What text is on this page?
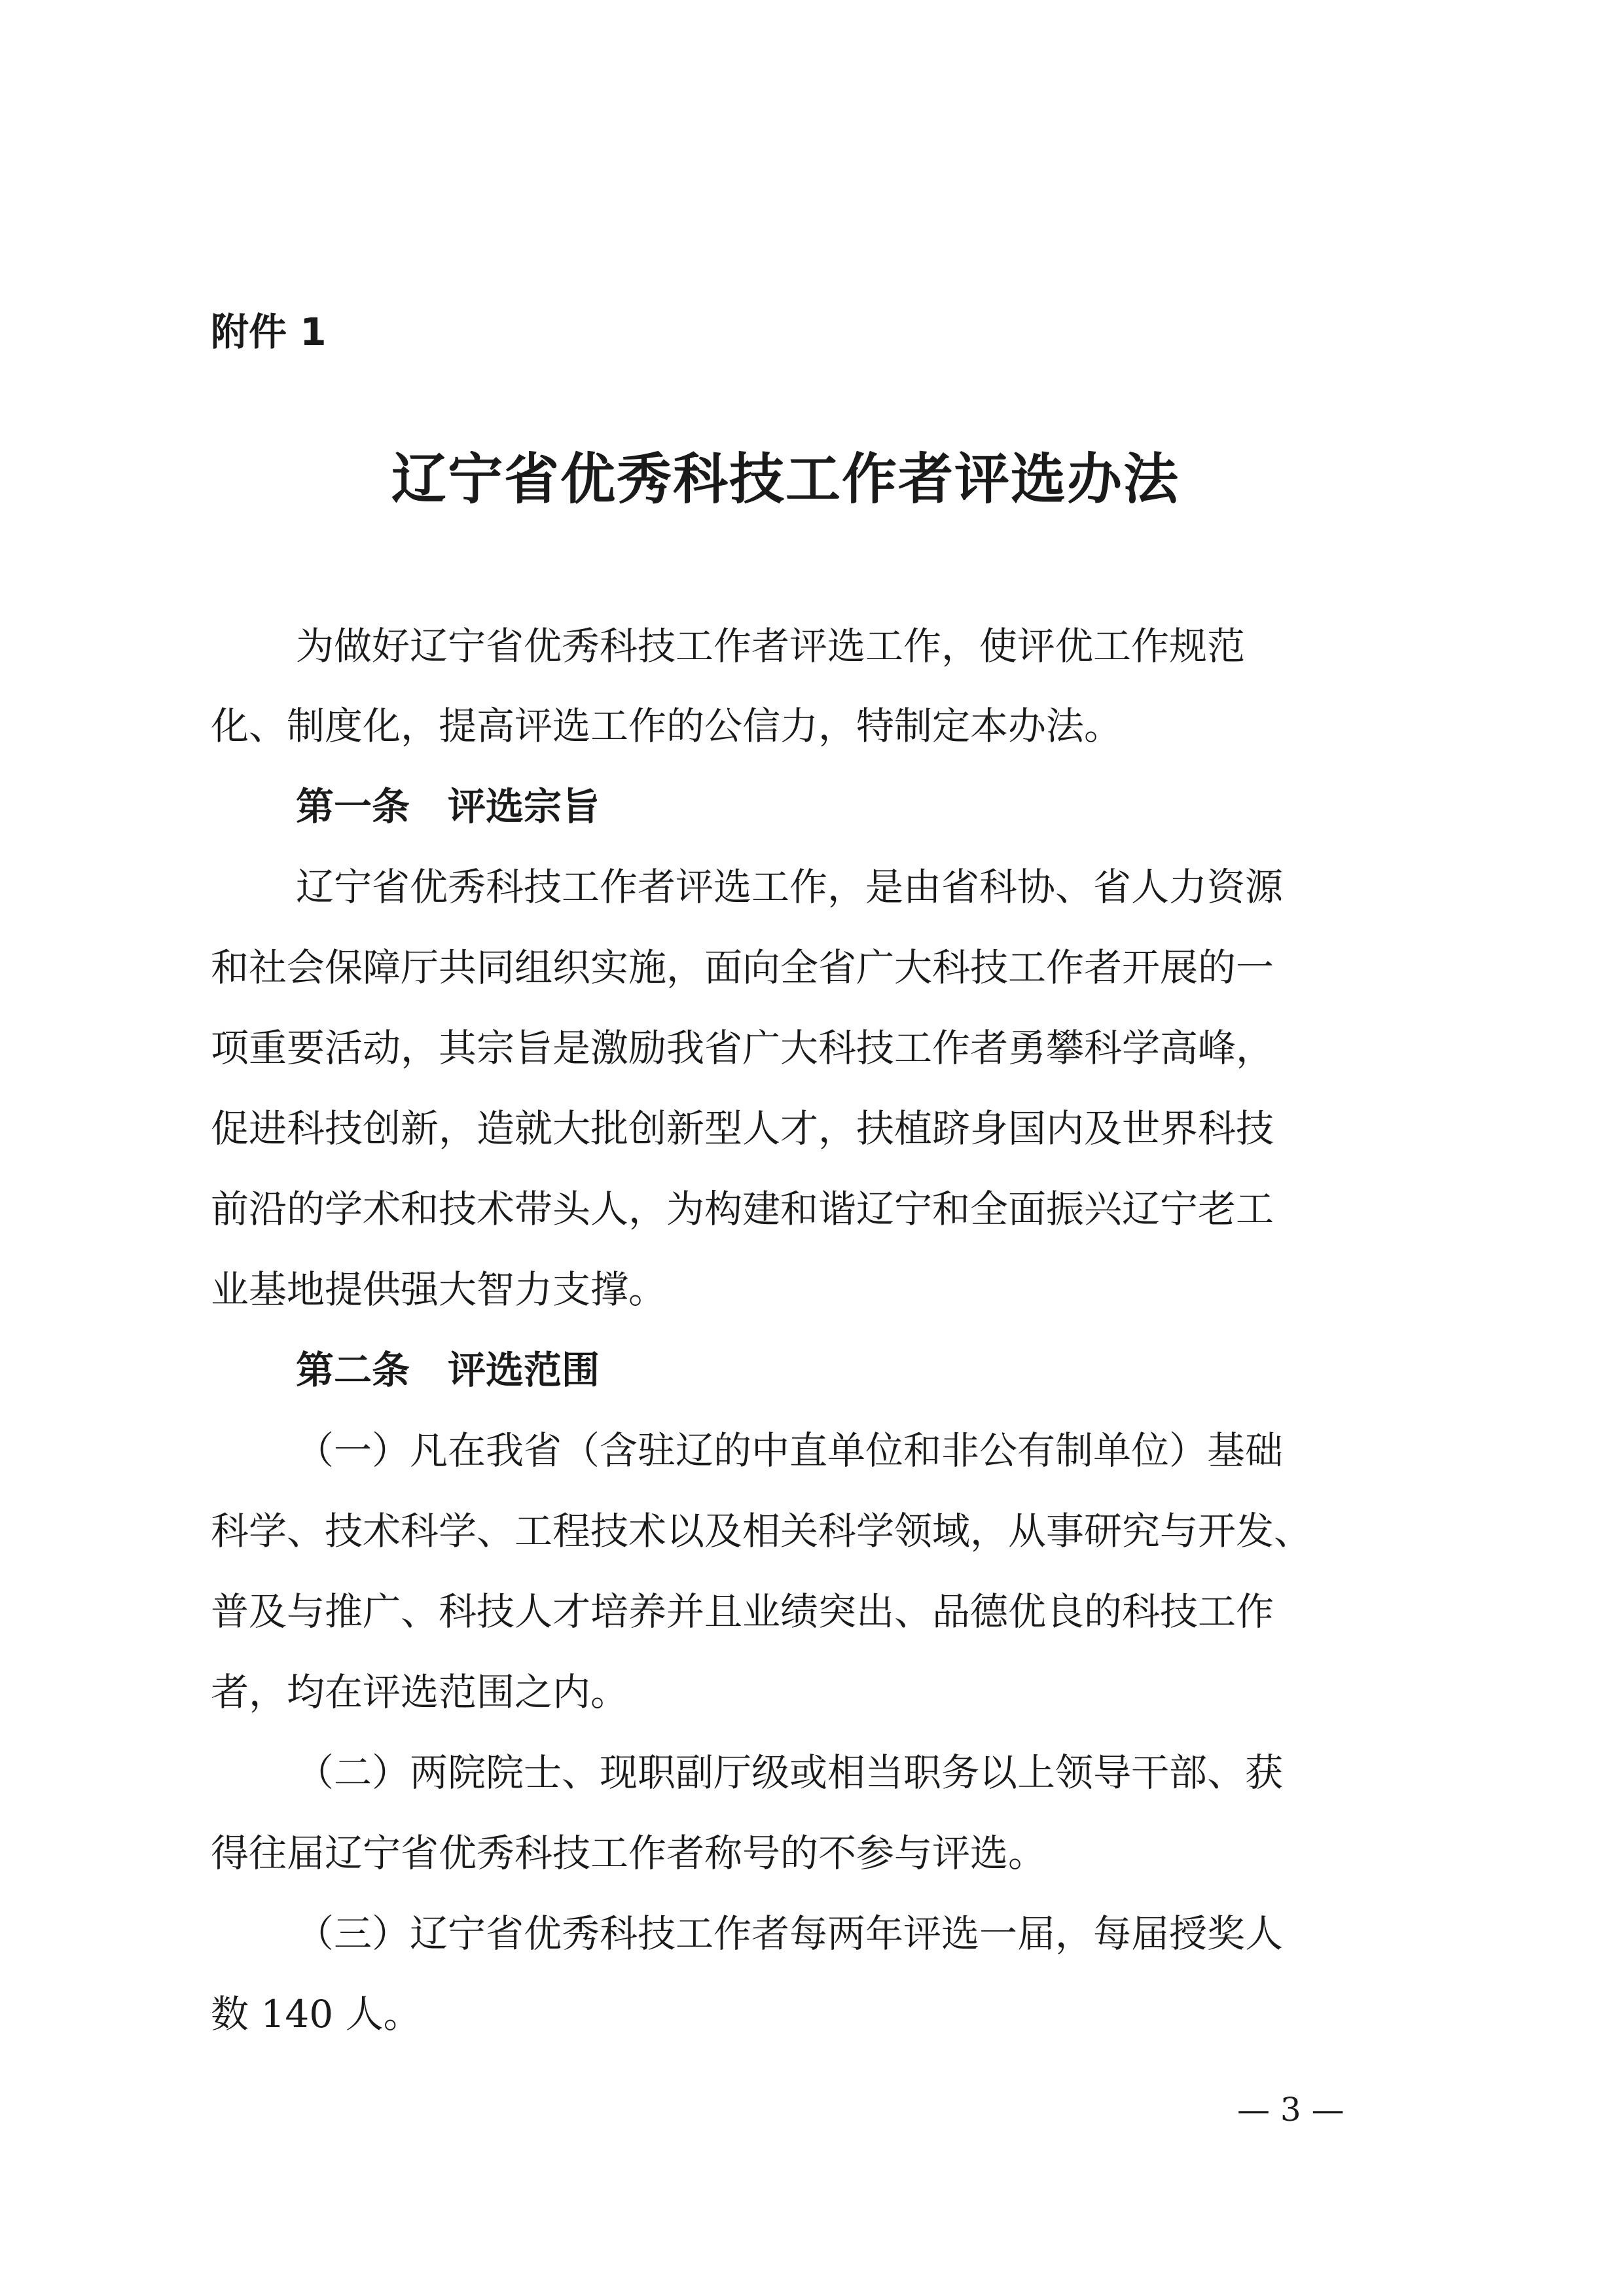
附件 1
辽宁省优秀科技工作者评选办法
为做好辽宁省优秀科技工作者评选工作，使评优工作规范
化、制度化，提高评选工作的公信力，特制定本办法。
第一条　评选宗旨
辽宁省优秀科技工作者评选工作，是由省科协、省人力资源
和社会保障厅共同组织实施，面向全省广大科技工作者开展的一
项重要活动，其宗旨是激励我省广大科技工作者勇攀科学高峰，
促进科技创新，造就大批创新型人才，扶植跻身国内及世界科技
前沿的学术和技术带头人，为构建和谐辽宁和全面振兴辽宁老工
业基地提供强大智力支撑。
第二条　评选范围
（一）凡在我省（含驻辽的中直单位和非公有制单位）基础
科学、技术科学、工程技术以及相关科学领域，从事研究与开发、
普及与推广、科技人才培养并且业绩突出、品德优良的科技工作
者，均在评选范围之内。
（二）两院院士、现职副厅级或相当职务以上领导干部、获
得往届辽宁省优秀科技工作者称号的不参与评选。
（三）辽宁省优秀科技工作者每两年评选一届，每届授奖人
数 140 人。
— 3 —
